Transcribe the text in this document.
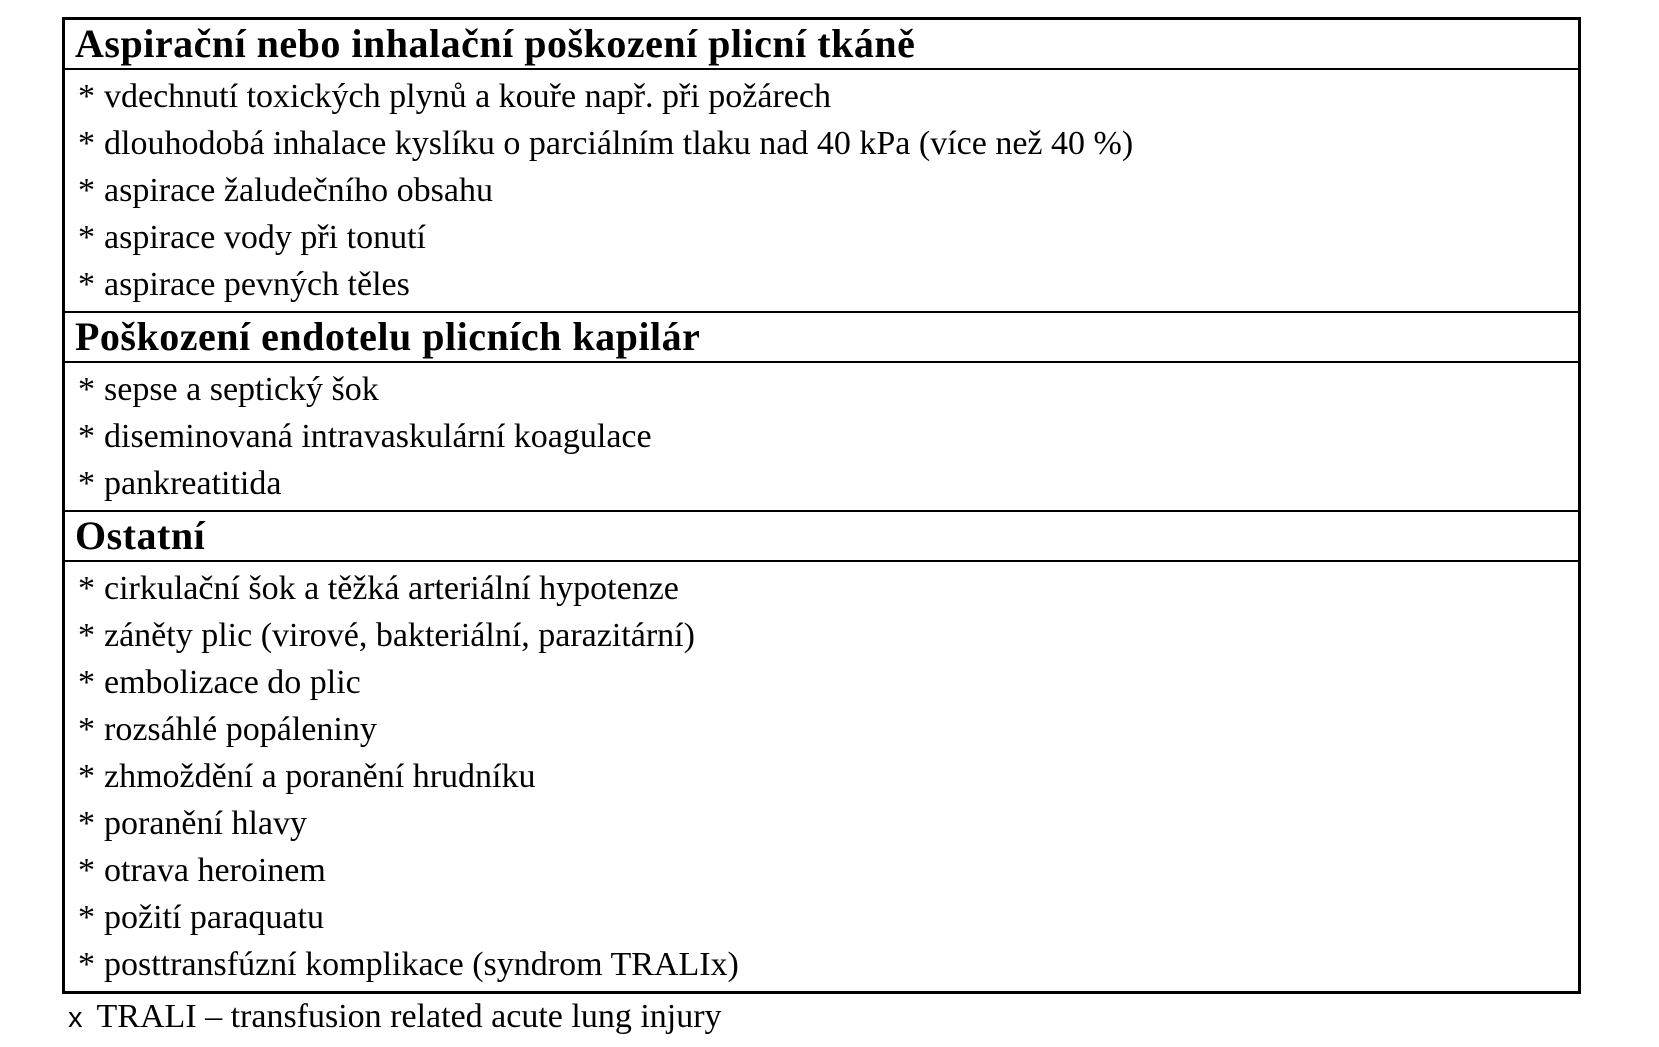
Aspirační nebo inhalační poškození plicní tkáně
* vdechnutí toxických plynů a kouře např. při požárech
* dlouhodobá inhalace kyslíku o parciálním tlaku nad 40 kPa (více než 40 %)
* aspirace žaludečního obsahu
* aspirace vody při tonutí
* aspirace pevných těles
Poškození endotelu plicních kapilár
* sepse a septický šok
* diseminovaná intravaskulární koagulace
* pankreatitida
Ostatní
* cirkulační šok a těžká arteriální hypotenze
* záněty plic (virové, bakteriální, parazitární)
* embolizace do plic
* rozsáhlé popáleniny
* zhmoždění a poranění hrudníku
* poranění hlavy
* otrava heroinem
* požití paraquatu
* posttransfúzní komplikace (syndrom TRALIx)
x TRALI – transfusion related acute lung injury
